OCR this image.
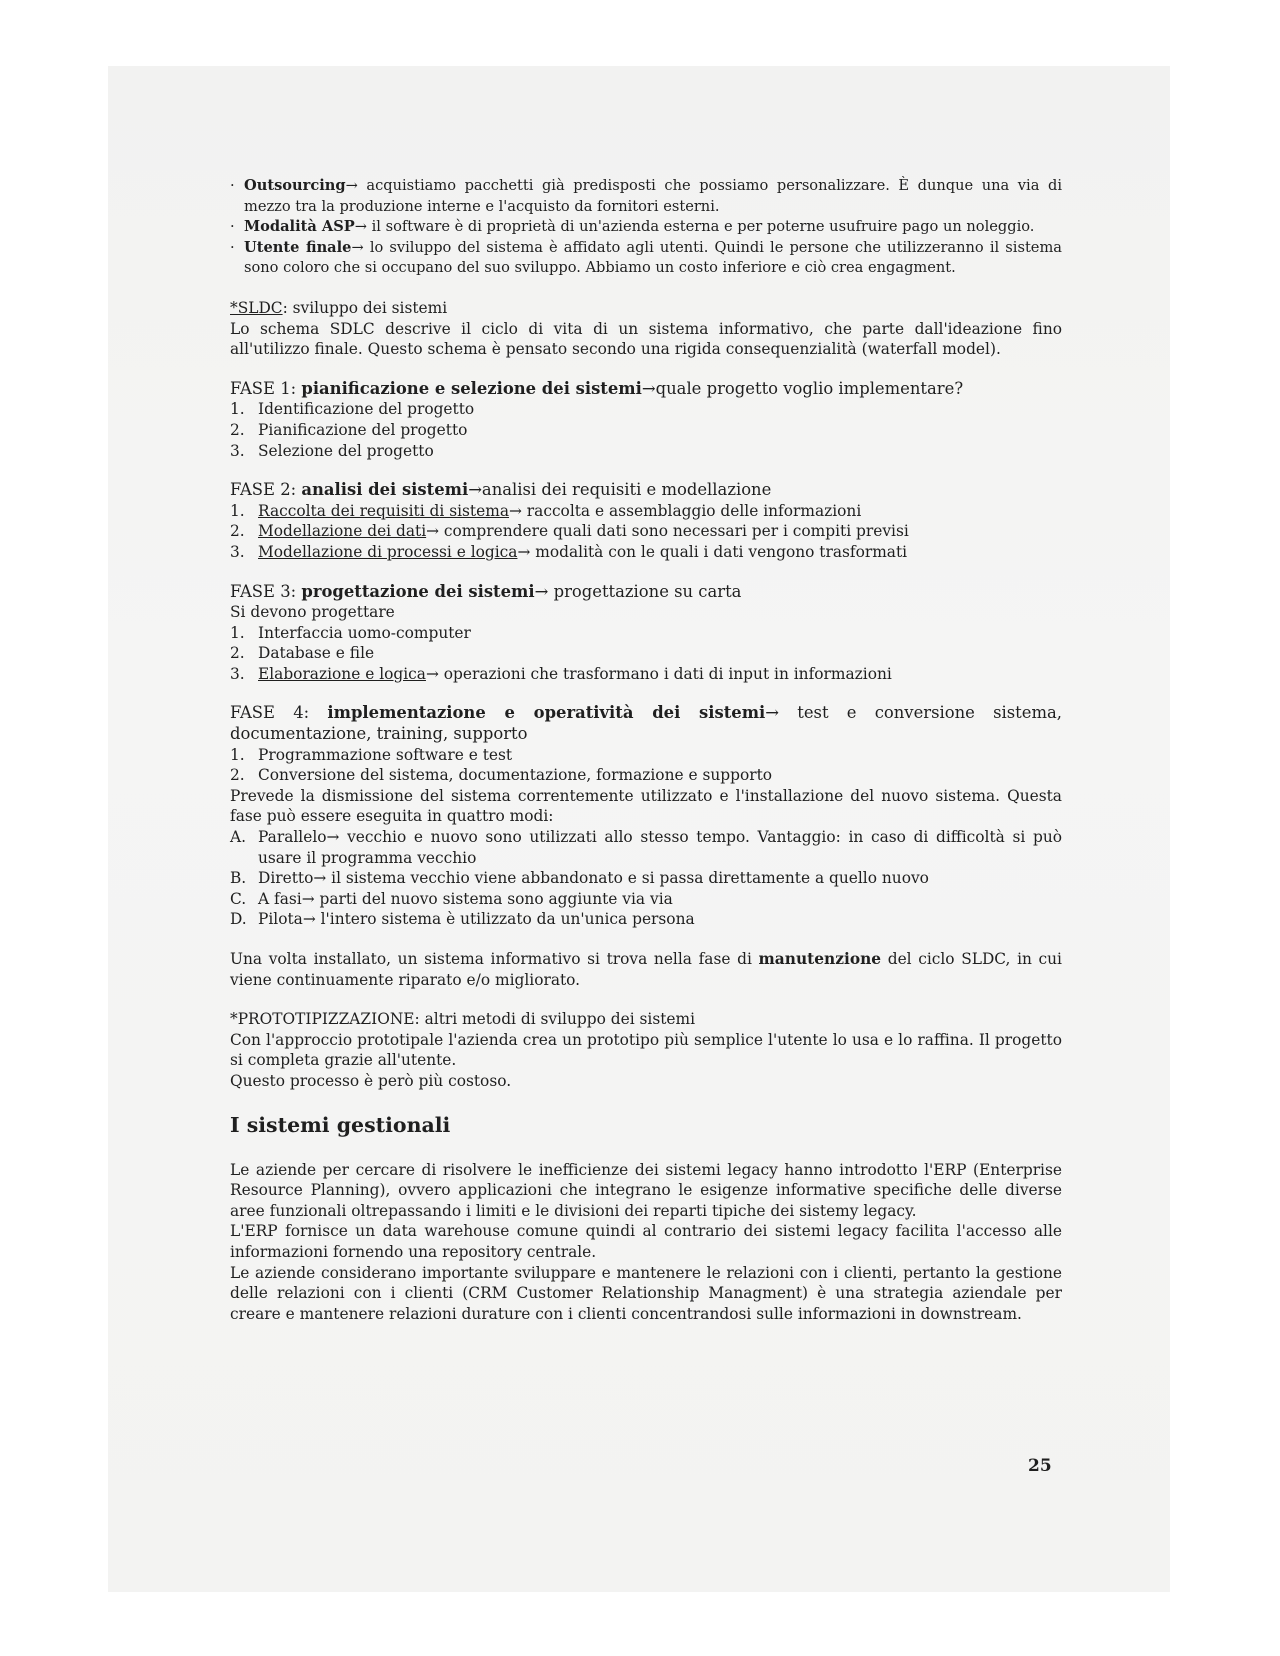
· Outsourcing→ acquistiamo pacchetti già predisposti che possiamo personalizzare. È dunque una via di mezzo tra la produzione interne e l'acquisto da fornitori esterni.
· Modalità ASP→ il software è di proprietà di un'azienda esterna e per poterne usufruire pago un noleggio.
· Utente finale→ lo sviluppo del sistema è affidato agli utenti. Quindi le persone che utilizzeranno il sistema sono coloro che si occupano del suo sviluppo. Abbiamo un costo inferiore e ciò crea engagment.

*SLDC: sviluppo dei sistemi

Lo schema SDLC descrive il ciclo di vita di un sistema informativo, che parte dall'ideazione fino all'utilizzo finale. Questo schema è pensato secondo una rigida consequenzialità (waterfall model).

FASE 1: pianificazione e selezione dei sistemi→quale progetto voglio implementare?

1. Identificazione del progetto
2. Pianificazione del progetto
3. Selezione del progetto

FASE 2: analisi dei sistemi→analisi dei requisiti e modellazione

1. Raccolta dei requisiti di sistema→ raccolta e assemblaggio delle informazioni
2. Modellazione dei dati→ comprendere quali dati sono necessari per i compiti previsi
3. Modellazione di processi e logica→ modalità con le quali i dati vengono trasformati

FASE 3: progettazione dei sistemi→ progettazione su carta

Si devono progettare

1. Interfaccia uomo-computer
2. Database e file
3. Elaborazione e logica→ operazioni che trasformano i dati di input in informazioni

FASE 4: implementazione e operatività dei sistemi→ test e conversione sistema, documentazione, training, supporto

1. Programmazione software e test
2. Conversione del sistema, documentazione, formazione e supporto

Prevede la dismissione del sistema correntemente utilizzato e l'installazione del nuovo sistema. Questa fase può essere eseguita in quattro modi:

A. Parallelo→ vecchio e nuovo sono utilizzati allo stesso tempo. Vantaggio: in caso di difficoltà si può usare il programma vecchio
B. Diretto→ il sistema vecchio viene abbandonato e si passa direttamente a quello nuovo
C. A fasi→ parti del nuovo sistema sono aggiunte via via
D. Pilota→ l'intero sistema è utilizzato da un'unica persona

Una volta installato, un sistema informativo si trova nella fase di manutenzione del ciclo SLDC, in cui viene continuamente riparato e/o migliorato.

*PROTOTIPIZZAZIONE: altri metodi di sviluppo dei sistemi

Con l'approccio prototipale l'azienda crea un prototipo più semplice l'utente lo usa e lo raffina. Il progetto si completa grazie all'utente.

Questo processo è però più costoso.

I sistemi gestionali

Le aziende per cercare di risolvere le inefficienze dei sistemi legacy hanno introdotto l'ERP (Enterprise Resource Planning), ovvero applicazioni che integrano le esigenze informative specifiche delle diverse aree funzionali oltrepassando i limiti e le divisioni dei reparti tipiche dei sistemy legacy.

L'ERP fornisce un data warehouse comune quindi al contrario dei sistemi legacy facilita l'accesso alle informazioni fornendo una repository centrale.

Le aziende considerano importante sviluppare e mantenere le relazioni con i clienti, pertanto la gestione delle relazioni con i clienti (CRM Customer Relationship Managment) è una strategia aziendale per creare e mantenere relazioni durature con i clienti concentrandosi sulle informazioni in downstream.

25
